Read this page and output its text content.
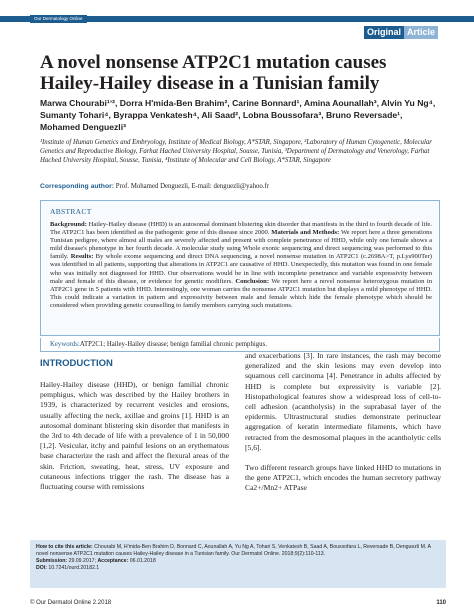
Our Dermatology Online
Original Article
A novel nonsense ATP2C1 mutation causes Hailey-Hailey disease in a Tunisian family
Marwa Chourabi¹ʼ², Dorra H'mida-Ben Brahim², Carine Bonnard¹, Amina Aounallah³, Alvin Yu Ng⁴, Sumanty Tohari⁴, Byrappa Venkatesh⁴, Ali Saad², Lobna Boussofara³, Bruno Reversade¹, Mohamed Denguezli³
¹Institute of Human Genetics and Embryology, Institute of Medical Biology, A*STAR, Singapore, ²Laboratory of Human Cytogenetic, Molecular Genetics and Reproductive Biology, Farhat Hached University Hospital, Sousse, Tunisia, ³Department of Dermatology and Venerology, Farhat Hached University Hospital, Sousse, Tunisia, ⁴Institute of Molecular and Cell Biology, A*STAR, Singapore
Corresponding author: Prof. Mohamed Denguezli, E-mail: denguezli@yahoo.fr
ABSTRACT
Background: Hailey-Hailey disease (HHD) is an autosomal dominant blistering skin disorder that manifests in the third to fourth decade of life. The ATP2C1 has been identified as the pathogenic gene of this disease since 2000. Materials and Methods: We report here a three generations Tunisian pedigree, where almost all males are severely affected and present with complete penetrance of HHD, while only one female shows a mild disease's phenotype in her fourth decade. A molecular study using Whole exonic sequencing and direct sequencing was performed to this family. Results: By whole exome sequencing and direct DNA sequencing, a novel nonsense mutation in ATP2C1 (c.2698A>T, p.Lys900Ter) was identified in all patients, supporting that alterations in ATP2C1 are causative of HHD. Unexpectedly, this mutation was found in one female who was initially not diagnosed for HHD. Our observations would be in line with incomplete penetrance and variable expressivity between male and female of this disease, or evidence for genetic modifiers. Conclusion: We report here a novel nonsense heterozygous mutation in ATP2C1 gene in 5 patients with HHD. Interestingly, one woman carries the nonsense ATP2C1 mutation but displays a mild phenotype of HHD. This could indicate a variation in pattern and expressivity between male and female which hide the female phenotype which should be considered when providing genetic counselling to family members carrying such mutations.
Keywords:ATP2C1; Hailey-Hailey disease; benign familial chronic pemphigus.
INTRODUCTION

Hailey-Hailey disease (HHD), or benign familial chronic pemphigus, which was described by the Hailey brothers in 1939, is characterized by recurrent vesicles and erosions, usually affecting the neck, axillae and groins [1]. HHD is an autosomal dominant blistering skin disorder that manifests in the 3rd to 4th decade of life with a prevalence of 1 in 50,000 [1,2]. Vesicular, itchy and painful lesions on an erythematous base characterize the rash and affect the flexural areas of the skin. Friction, sweating, heat, stress, UV exposure and cutaneous infections trigger the rash. The disease has a fluctuating course with remissions

and exacerbations [3]. In rare instances, the rash may become generalized and the skin lesions may even develop into squamous cell carcinoma [4]. Penetrance in adults affected by HHD is complete but expressivity is variable [2]. Histopathological features show a widespread loss of cell-to-cell adhesion (acantholysis) in the suprabasal layer of the epidermis. Ultrastructural studies demonstrate perinuclear aggregation of keratin intermediate filaments, which have retracted from the desmosomal plaques in the acantholytic cells [5,6].

Two different research groups have linked HHD to mutations in the gene ATP2C1, which encodes the human secretory pathway Ca2+/Mn2+ ATPase

How to cite this article: Chourabi M, H'mida-Ben Brahim D, Bonnard C, Aounallah A, Yu Ng A, Tohari S, Venkatesh B, Saad A, Boussofara L, Reversade B, Denguezli M. A novel nonsense ATP2C1 mutation causes Hailey-Hailey disease in a Tunisian family. Our Dermatol Online. 2018;9(2):110-113.
Submission: 29.09.2017; Acceptance: 06.01.2018
DOI: 10.7241/ourd.20182.1
© Our Dermatol Online 2.2018	110
